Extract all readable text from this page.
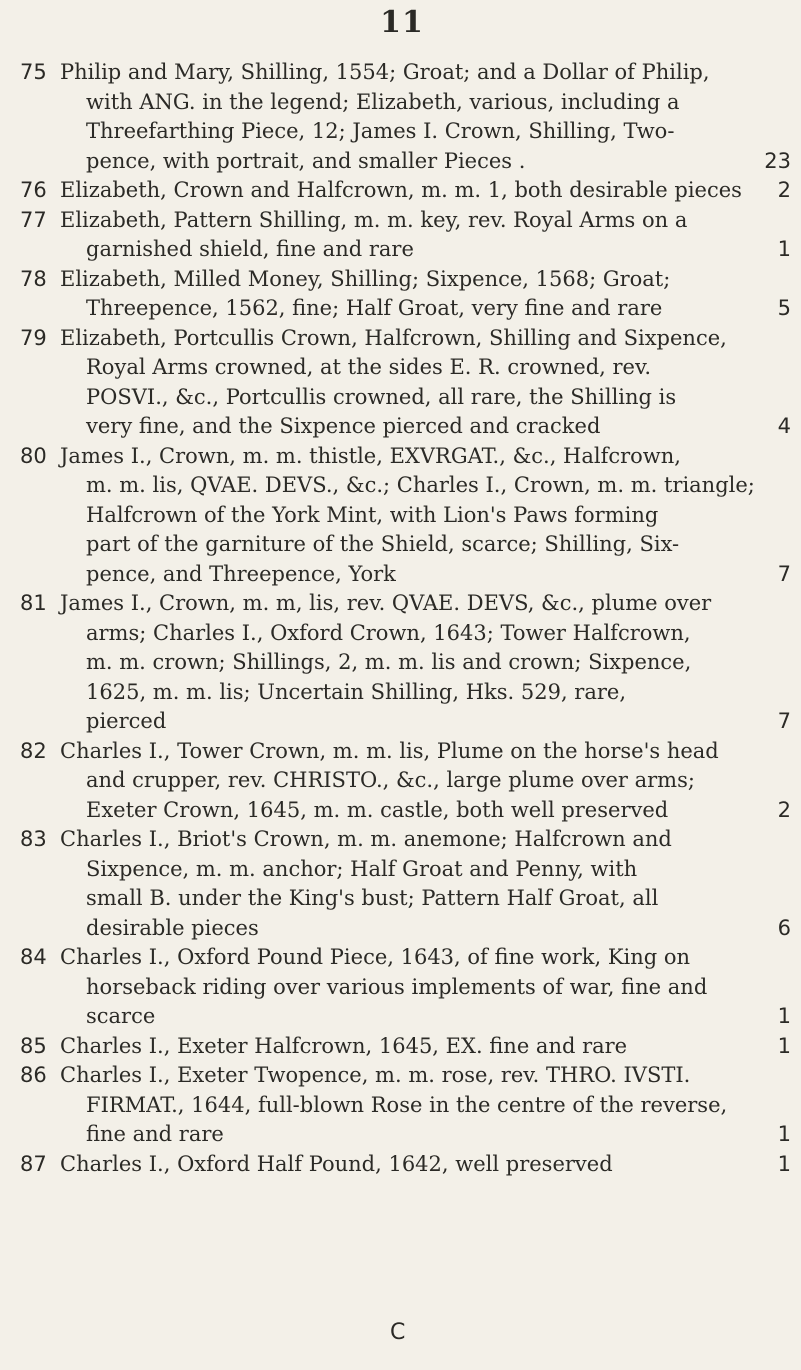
11
75 Philip and Mary, Shilling, 1554; Groat; and a Dollar of Philip,
with ANG. in the legend; Elizabeth, various, including a
Threefarthing Piece, 12; James I. Crown, Shilling, Two-
pence, with portrait, and smaller Pieces .	23
76 Elizabeth, Crown and Halfcrown, m. m. 1, both desirable pieces	2
77 Elizabeth, Pattern Shilling, m. m. key, rev. Royal Arms on a
garnished shield, fine and rare	1
78 Elizabeth, Milled Money, Shilling; Sixpence, 1568; Groat;
Threepence, 1562, fine; Half Groat, very fine and rare	5
79 Elizabeth, Portcullis Crown, Halfcrown, Shilling and Sixpence,
Royal Arms crowned, at the sides E. R. crowned, rev.
POSVI., &c., Portcullis crowned, all rare, the Shilling is
very fine, and the Sixpence pierced and cracked	4
80 James I., Crown, m. m. thistle, EXVRGAT., &c., Halfcrown,
m. m. lis, QVAE. DEVS., &c.; Charles I., Crown, m. m. triangle;
Halfcrown of the York Mint, with Lion's Paws forming
part of the garniture of the Shield, scarce; Shilling, Six-
pence, and Threepence, York	7
81 James I., Crown, m. m, lis, rev. QVAE. DEVS, &c., plume over
arms; Charles I., Oxford Crown, 1643; Tower Halfcrown,
m. m. crown; Shillings, 2, m. m. lis and crown; Sixpence,
1625, m. m. lis; Uncertain Shilling, Hks. 529, rare,
pierced	7
82 Charles I., Tower Crown, m. m. lis, Plume on the horse's head
and crupper, rev. CHRISTO., &c., large plume over arms;
Exeter Crown, 1645, m. m. castle, both well preserved	2
83 Charles I., Briot's Crown, m. m. anemone; Halfcrown and
Sixpence, m. m. anchor; Half Groat and Penny, with
small B. under the King's bust; Pattern Half Groat, all
desirable pieces	6
84 Charles I., Oxford Pound Piece, 1643, of fine work, King on
horseback riding over various implements of war, fine and
scarce	1
85 Charles I., Exeter Halfcrown, 1645, EX. fine and rare	1
86 Charles I., Exeter Twopence, m. m. rose, rev. THRO. IVSTI.
FIRMAT., 1644, full-blown Rose in the centre of the reverse,
fine and rare	1
87 Charles I., Oxford Half Pound, 1642, well preserved	1
C
